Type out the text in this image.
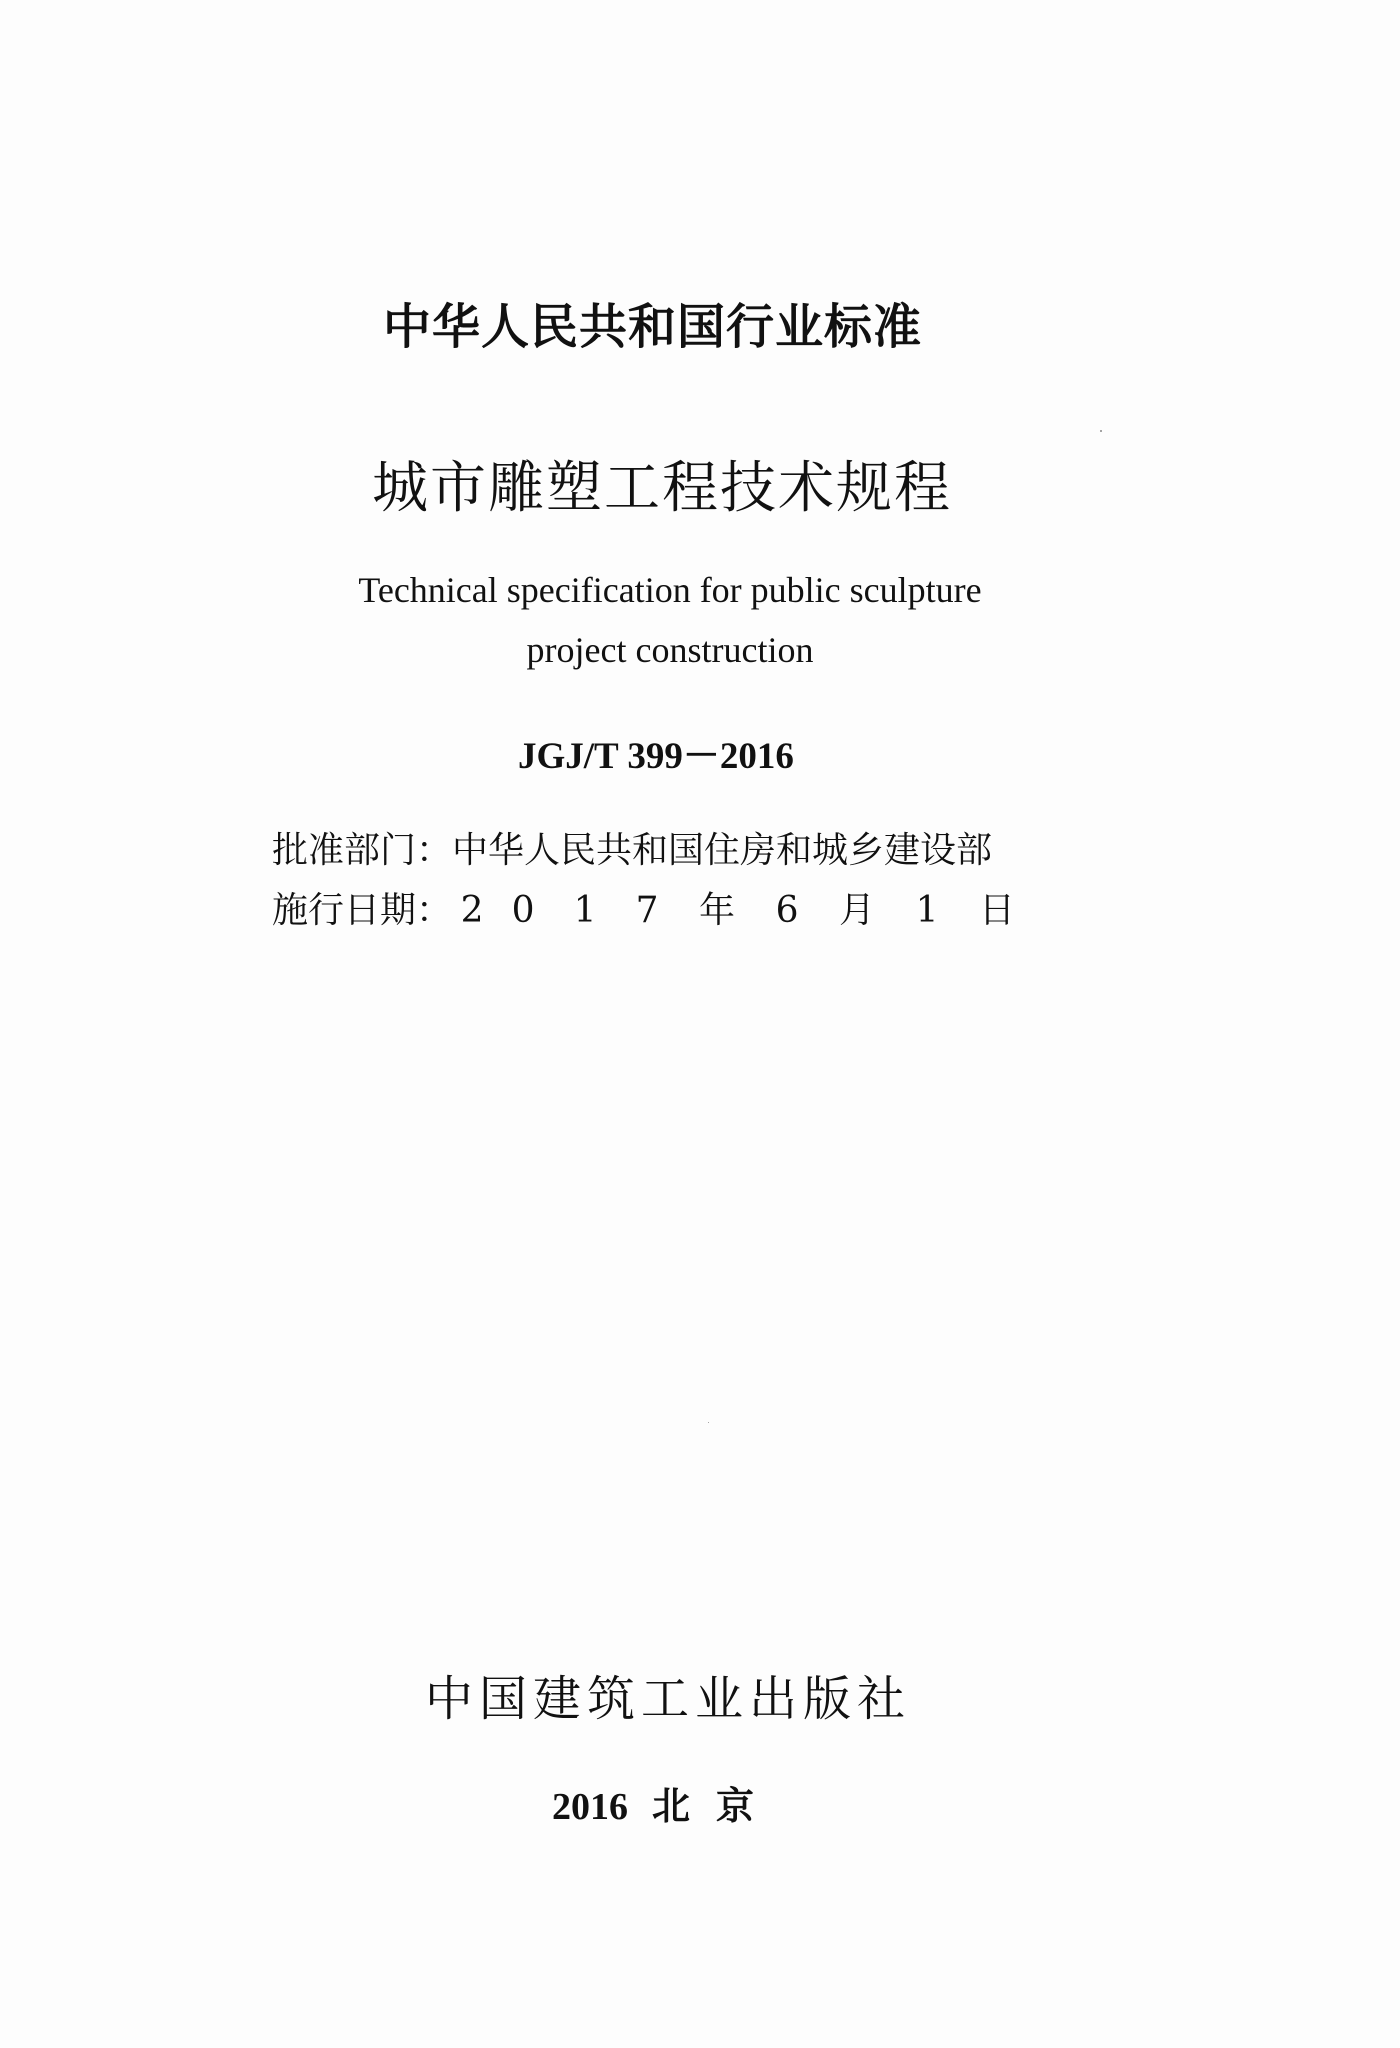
中华人民共和国行业标准
城市雕塑工程技术规程
Technical specification for public sculpture
project construction
JGJ/T 399－2016
批准部门：中华人民共和国住房和城乡建设部
施行日期： 2 0 1 7 年 6 月 1 日
中国建筑工业出版社
2016 北京
